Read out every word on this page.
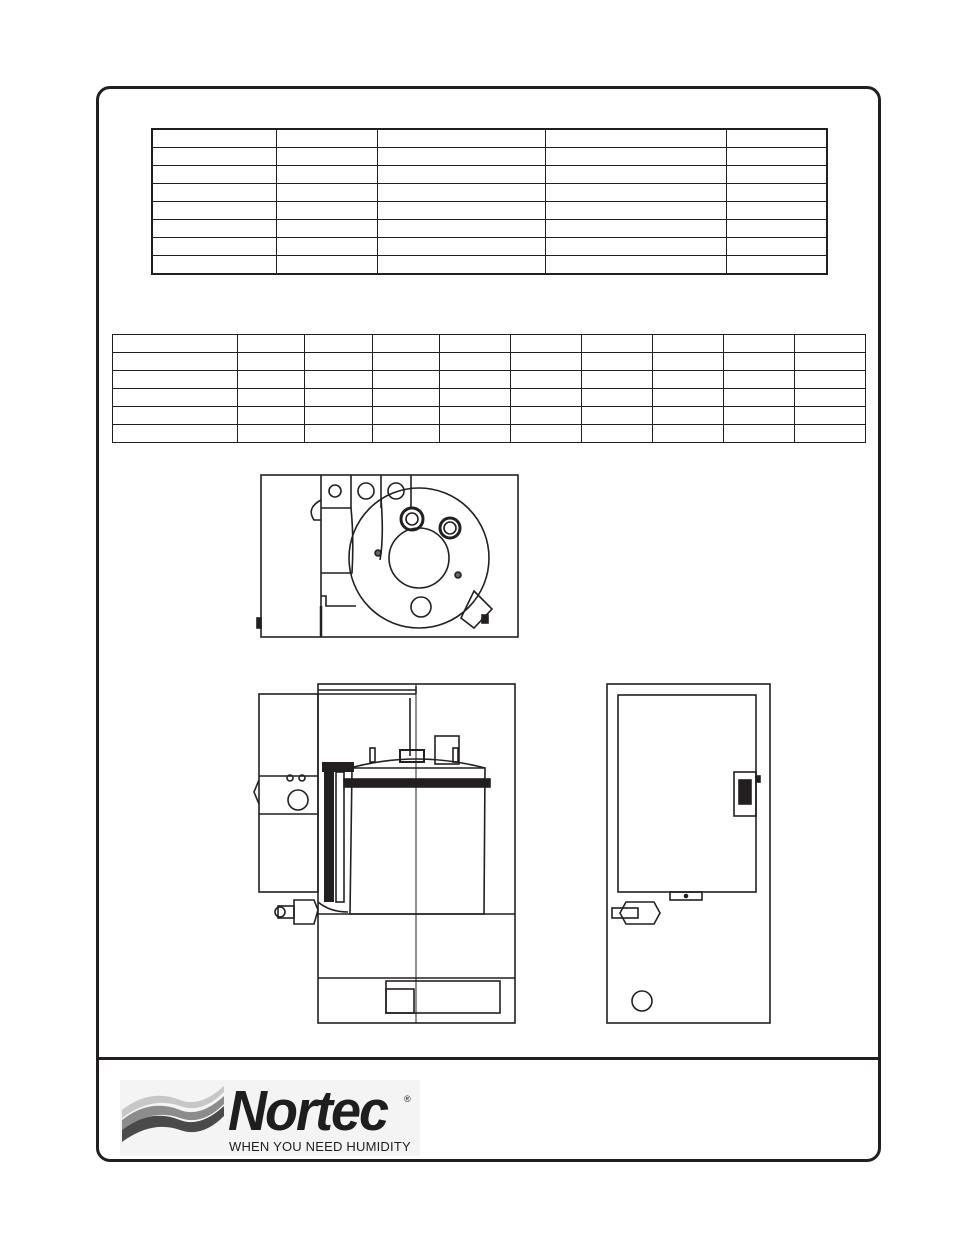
Nortec ®
WHEN YOU NEED HUMIDITY
